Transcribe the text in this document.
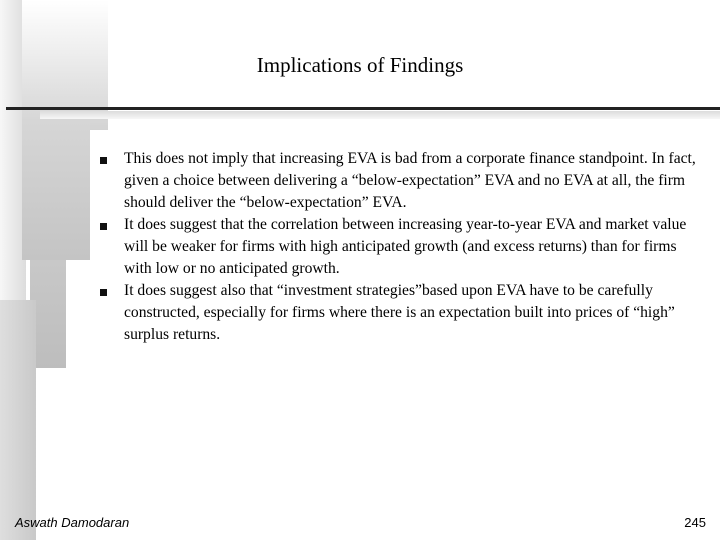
Implications of Findings
This does not imply that increasing EVA is bad from a corporate finance standpoint. In fact, given a choice between delivering a “below-expectation” EVA and no EVA at all, the firm should deliver the “below-expectation” EVA.
It does suggest that the correlation between increasing year-to-year EVA and market value will be weaker for firms with high anticipated growth (and excess returns) than for firms with low or no anticipated growth.
It does suggest also that “investment strategies”based upon EVA have to be carefully constructed, especially for firms where there is an expectation built into prices of “high” surplus returns.
Aswath Damodaran	245
